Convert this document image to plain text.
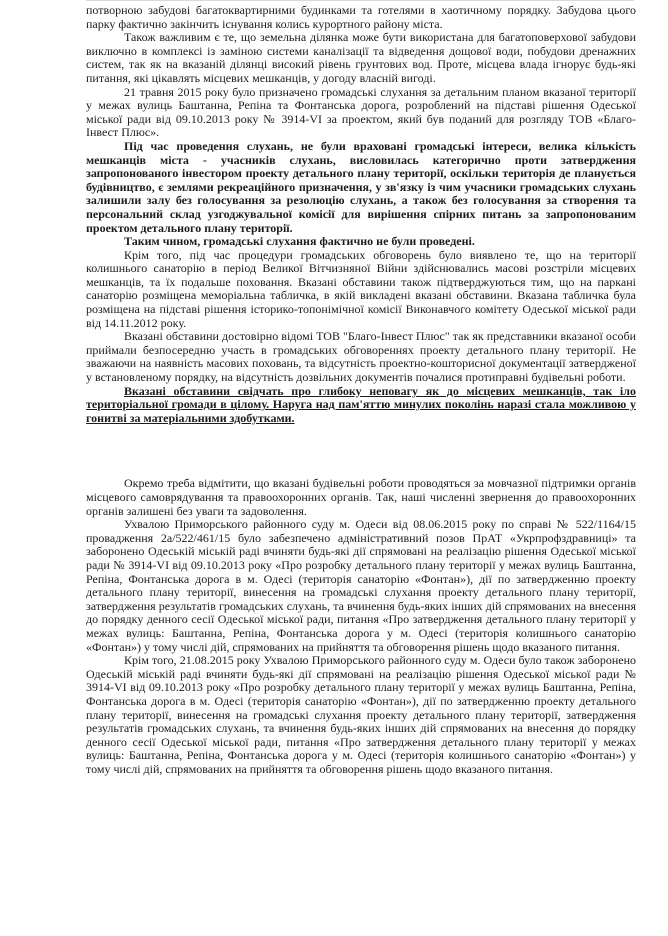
потворною забудові багатоквартирними будинками та готелями в хаотичному порядку. Забудова цього парку фактично закінчить існування колись курортного району міста.

Також важливим є те, що земельна ділянка може бути використана для багатоповерхової забудови виключно в комплексі із заміною системи каналізації та відведення дощової води, побудови дренажних систем, так як на вказаній ділянці високий рівень грунтових вод. Проте, місцева влада ігнорує будь-які питання, які цікавлять місцевих мешканців, у догоду власній вигоді.

21 травня 2015 року було призначено громадські слухання за детальним планом вказаної території у межах вулиць Баштанна, Репіна та Фонтанська дорога, розроблений на підставі рішення Одеської міської ради від 09.10.2013 року № 3914-VI за проектом, який був поданий для розгляду ТОВ «Благо-Інвест Плюс».

Під час проведення слухань, не були враховані громадські інтереси, велика кількість мешканців міста - учасників слухань, висловилась категорично проти затвердження запропонованого інвестором проекту детального плану території, оскільки територія де планується будівництво, є землями рекреаційного призначення, у зв'язку із чим учасники громадських слухань залишили залу без голосування за резолюцію слухань, а також без голосування за створення та персональний склад узгоджувальної комісії для вирішення спірних питань за запропонованим проектом детального плану території.

Таким чином, громадські слухання фактично не були проведені.

Крім того, під час процедури громадських обговорень було виявлено те, що на території колишнього санаторію в період Великої Вітчизняної Війни здійснювались масові розстріли місцевих мешканців, та їх подальше поховання. Вказані обставини також підтверджуються тим, що на паркані санаторію розміщена меморіальна табличка, в якій викладені вказані обставини. Вказана табличка була розміщена на підставі рішення історико-топонімічної комісії Виконавчого комітету Одеської міської ради від 14.11.2012 року.

Вказані обставини достовірно відомі ТОВ "Благо-Інвест Плюс" так як представники вказаної особи приймали безпосередню участь в громадських обговореннях проекту детального плану території. Не зважаючи на наявність масових поховань, та відсутність проектно-кошторисної документації затвердженої у встановленому порядку, на відсутність дозвільних документів почалися протиправні будівельні роботи.

Вказані обставини свідчать про глибоку неповагу як до місцевих мешканців, так іло територіальної громади в цілому. Наруга над пам'яттю минулих поколінь наразі стала можливою у гонитві за матеріальними здобутками.

Окремо треба відмітити, що вказані будівельні роботи проводяться за мовчазної підтримки органів місцевого самоврядування та правоохоронних органів. Так, наші численні звернення до правоохоронних органів залишені без уваги та задоволення.

Ухвалою Приморського районного суду м. Одеси від 08.06.2015 року по справі № 522/1164/15 провадження 2а/522/461/15 було забезпечено адміністративний позов ПрАТ «Укрпрофздравниці» та заборонено Одеській міській раді вчиняти будь-які дії спрямовані на реалізацію рішення Одеської міської ради № 3914-VI від 09.10.2013 року «Про розробку детального плану території у межах вулиць Баштанна, Репіна, Фонтанська дорога в м. Одесі (територія санаторію «Фонтан»), дії по затвердженню проекту детального плану території, винесення на громадські слухання проекту детального плану території, затвердження результатів громадських слухань, та вчинення будь-яких інших дій спрямованих на внесення до порядку денного сесії Одеської міської ради, питання «Про затвердження детального плану території у межах вулиць: Баштанна, Репіна, Фонтанська дорога у м. Одесі (територія колишнього санаторію «Фонтан») у тому числі дій, спрямованих на прийняття та обговорення рішень щодо вказаного питання.

Крім того, 21.08.2015 року Ухвалою Приморського районного суду м. Одеси було також заборонено Одеській міській раді вчиняти будь-які дії спрямовані на реалізацію рішення Одеської міської ради № 3914-VI від 09.10.2013 року «Про розробку детального плану території у межах вулиць Баштанна, Репіна, Фонтанська дорога в м. Одесі (територія санаторію «Фонтан»), дії по затвердженню проекту детального плану території, винесення на громадські слухання проекту детального плану території, затвердження результатів громадських слухань, та вчинення будь-яких інших дій спрямованих на внесення до порядку денного сесії Одеської міської ради, питання «Про затвердження детального плану території у межах вулиць: Баштанна, Репіна, Фонтанська дорога у м. Одесі (територія колишнього санаторію «Фонтан») у тому числі дій, спрямованих на прийняття та обговорення рішень щодо вказаного питання.
